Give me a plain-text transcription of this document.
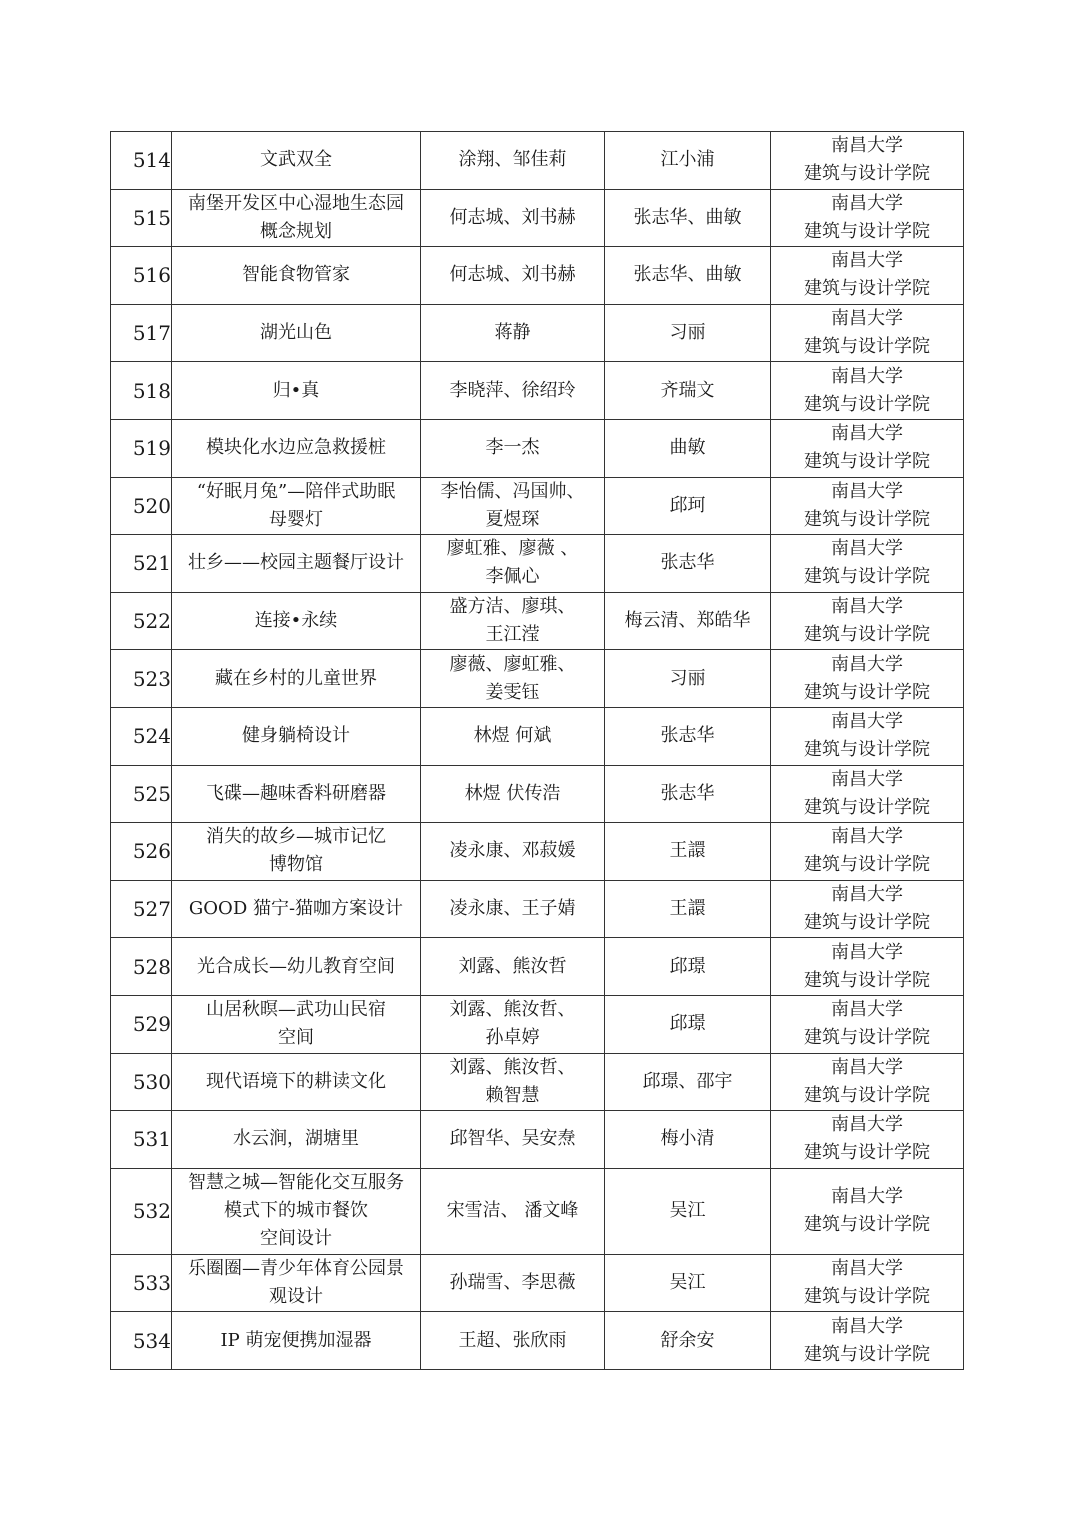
514	文武双全	涂翔、邹佳莉	江小浦	南昌大学
建筑与设计学院
515	南堡开发区中心湿地生态园
概念规划	何志城、刘书赫	张志华、曲敏	南昌大学
建筑与设计学院
516	智能食物管家	何志城、刘书赫	张志华、曲敏	南昌大学
建筑与设计学院
517	湖光山色	蒋静	习丽	南昌大学
建筑与设计学院
518	归•真	李晓萍、徐绍玲	齐瑞文	南昌大学
建筑与设计学院
519	模块化水边应急救援桩	李一杰	曲敏	南昌大学
建筑与设计学院
520	“好眠月兔”—陪伴式助眠
母婴灯	李怡儒、冯国帅、
夏煜琛	邱珂	南昌大学
建筑与设计学院
521	壮乡——校园主题餐厅设计	廖虹雅、廖薇 、
李佩心	张志华	南昌大学
建筑与设计学院
522	连接•永续	盛方洁、廖琪、
王江滢	梅云清、郑皓华	南昌大学
建筑与设计学院
523	藏在乡村的儿童世界	廖薇、廖虹雅、
姜雯钰	习丽	南昌大学
建筑与设计学院
524	健身躺椅设计	林煜 何斌	张志华	南昌大学
建筑与设计学院
525	飞碟—趣味香料研磨器	林煜 伏传浩	张志华	南昌大学
建筑与设计学院
526	消失的故乡—城市记忆
博物馆	凌永康、邓菽媛	王譞	南昌大学
建筑与设计学院
527	GOOD 猫宁-猫咖方案设计	凌永康、王子婧	王譞	南昌大学
建筑与设计学院
528	光合成长—幼儿教育空间	刘露、熊汝哲	邱璟	南昌大学
建筑与设计学院
529	山居秋暝—武功山民宿
空间	刘露、熊汝哲、
孙卓婷	邱璟	南昌大学
建筑与设计学院
530	现代语境下的耕读文化	刘露、熊汝哲、
赖智慧	邱璟、邵宇	南昌大学
建筑与设计学院
531	水云涧，湖塘里	邱智华、吴安焘	梅小清	南昌大学
建筑与设计学院
532	智慧之城—智能化交互服务
模式下的城市餐饮
空间设计	宋雪洁、 潘文峰	吴江	南昌大学
建筑与设计学院
533	乐圈圈—青少年体育公园景
观设计	孙瑞雪、李思薇	吴江	南昌大学
建筑与设计学院
534	IP 萌宠便携加湿器	王超、张欣雨	舒余安	南昌大学
建筑与设计学院
